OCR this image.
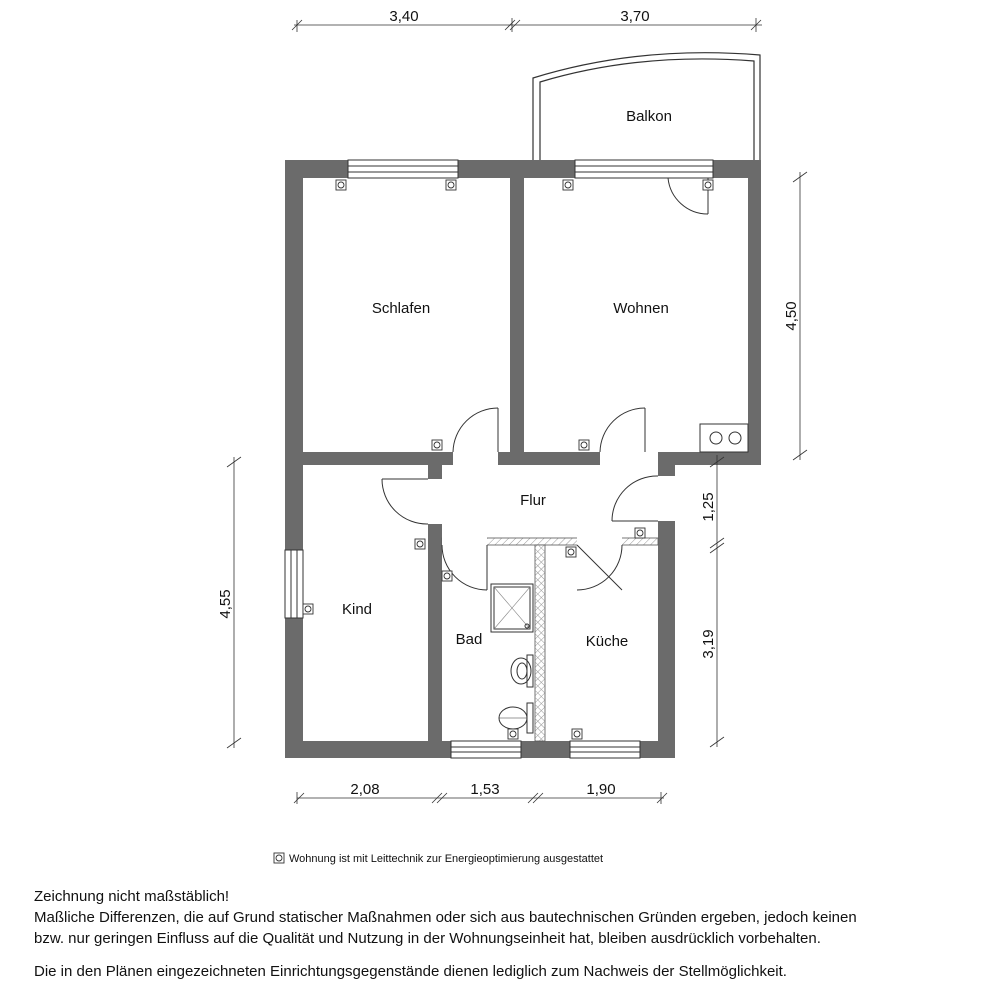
Balkon
Schlafen	Wohnen
Flur
Kind
Bad	Küche
3,40	3,70
4,50
1,25
3,19
4,55
2,08	1,53	1,90
Wohnung ist mit Leittechnik zur Energieoptimierung ausgestattet

Zeichnung nicht maßstäblich!

Maßliche Differenzen, die auf Grund statischer Maßnahmen oder sich aus bautechnischen Gründen ergeben, jedoch keinen

bzw. nur geringen Einfluss auf die Qualität und Nutzung in der Wohnungseinheit hat, bleiben ausdrücklich vorbehalten.

Die in den Plänen eingezeichneten Einrichtungsgegenstände dienen lediglich zum Nachweis der Stellmöglichkeit.
